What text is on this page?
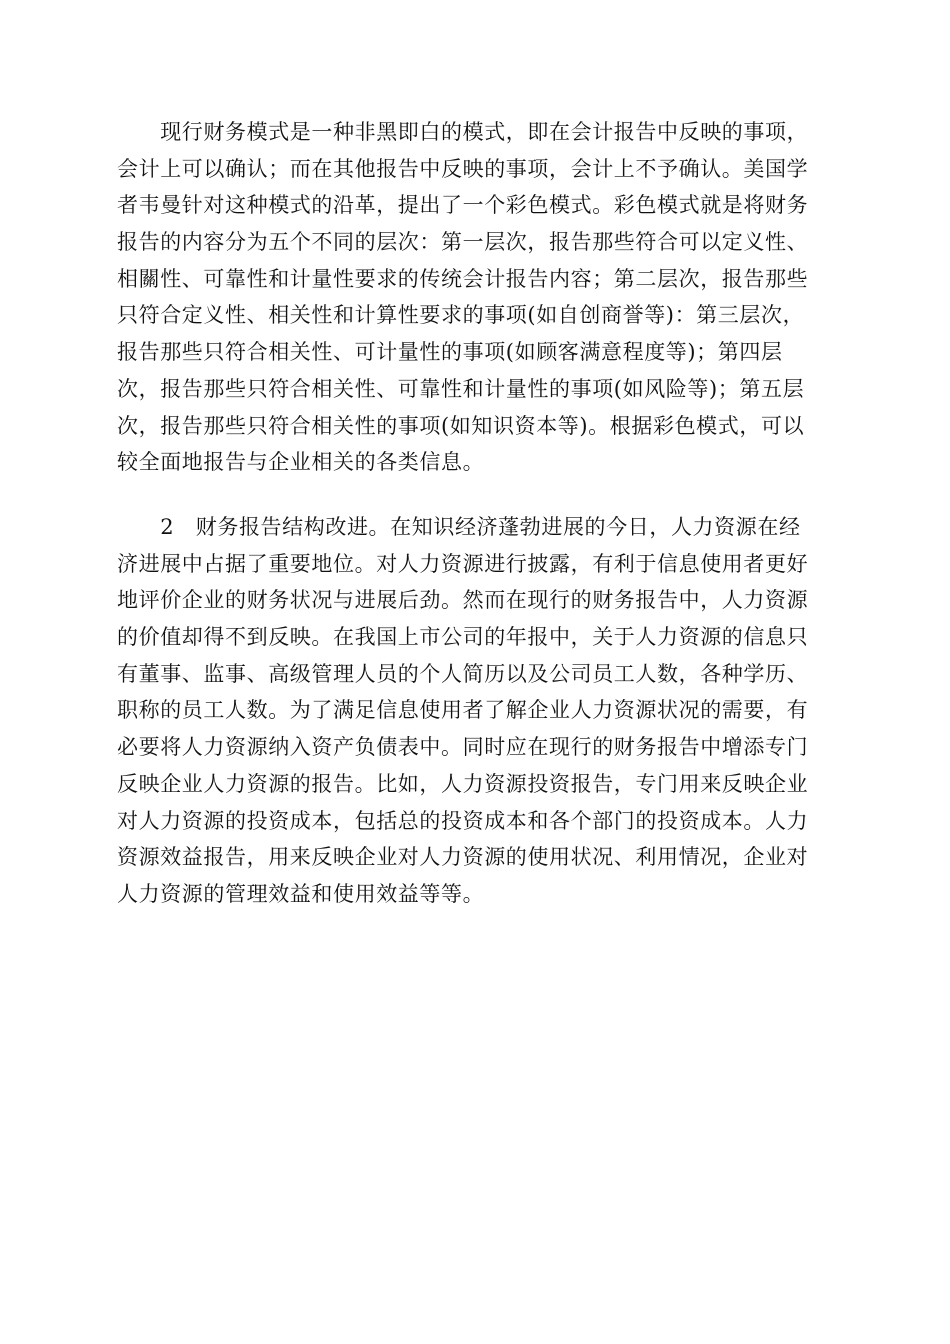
　　现行财务模式是一种非黑即白的模式，即在会计报告中反映的事项，
会计上可以确认；而在其他报告中反映的事项，会计上不予确认。美国学
者韦曼针对这种模式的沿革，提出了一个彩色模式。彩色模式就是将财务
报告的内容分为五个不同的层次：第一层次，报告那些符合可以定义性、
相關性、可靠性和计量性要求的传统会计报告内容；第二层次，报告那些
只符合定义性、相关性和计算性要求的事项(如自创商誉等)：第三层次，
报告那些只符合相关性、可计量性的事项(如顾客满意程度等)；第四层
次，报告那些只符合相关性、可靠性和计量性的事项(如风险等)；第五层
次，报告那些只符合相关性的事项(如知识资本等)。根据彩色模式，可以
较全面地报告与企业相关的各类信息。
　　2　财务报告结构改进。在知识经济蓬勃进展的今日，人力资源在经
济进展中占据了重要地位。对人力资源进行披露，有利于信息使用者更好
地评价企业的财务状况与进展后劲。然而在现行的财务报告中，人力资源
的价值却得不到反映。在我国上市公司的年报中，关于人力资源的信息只
有董事、监事、高级管理人员的个人简历以及公司员工人数，各种学历、
职称的员工人数。为了满足信息使用者了解企业人力资源状况的需要，有
必要将人力资源纳入资产负债表中。同时应在现行的财务报告中增添专门
反映企业人力资源的报告。比如，人力资源投资报告，专门用来反映企业
对人力资源的投资成本，包括总的投资成本和各个部门的投资成本。人力
资源效益报告，用来反映企业对人力资源的使用状况、利用情况，企业对
人力资源的管理效益和使用效益等等。
